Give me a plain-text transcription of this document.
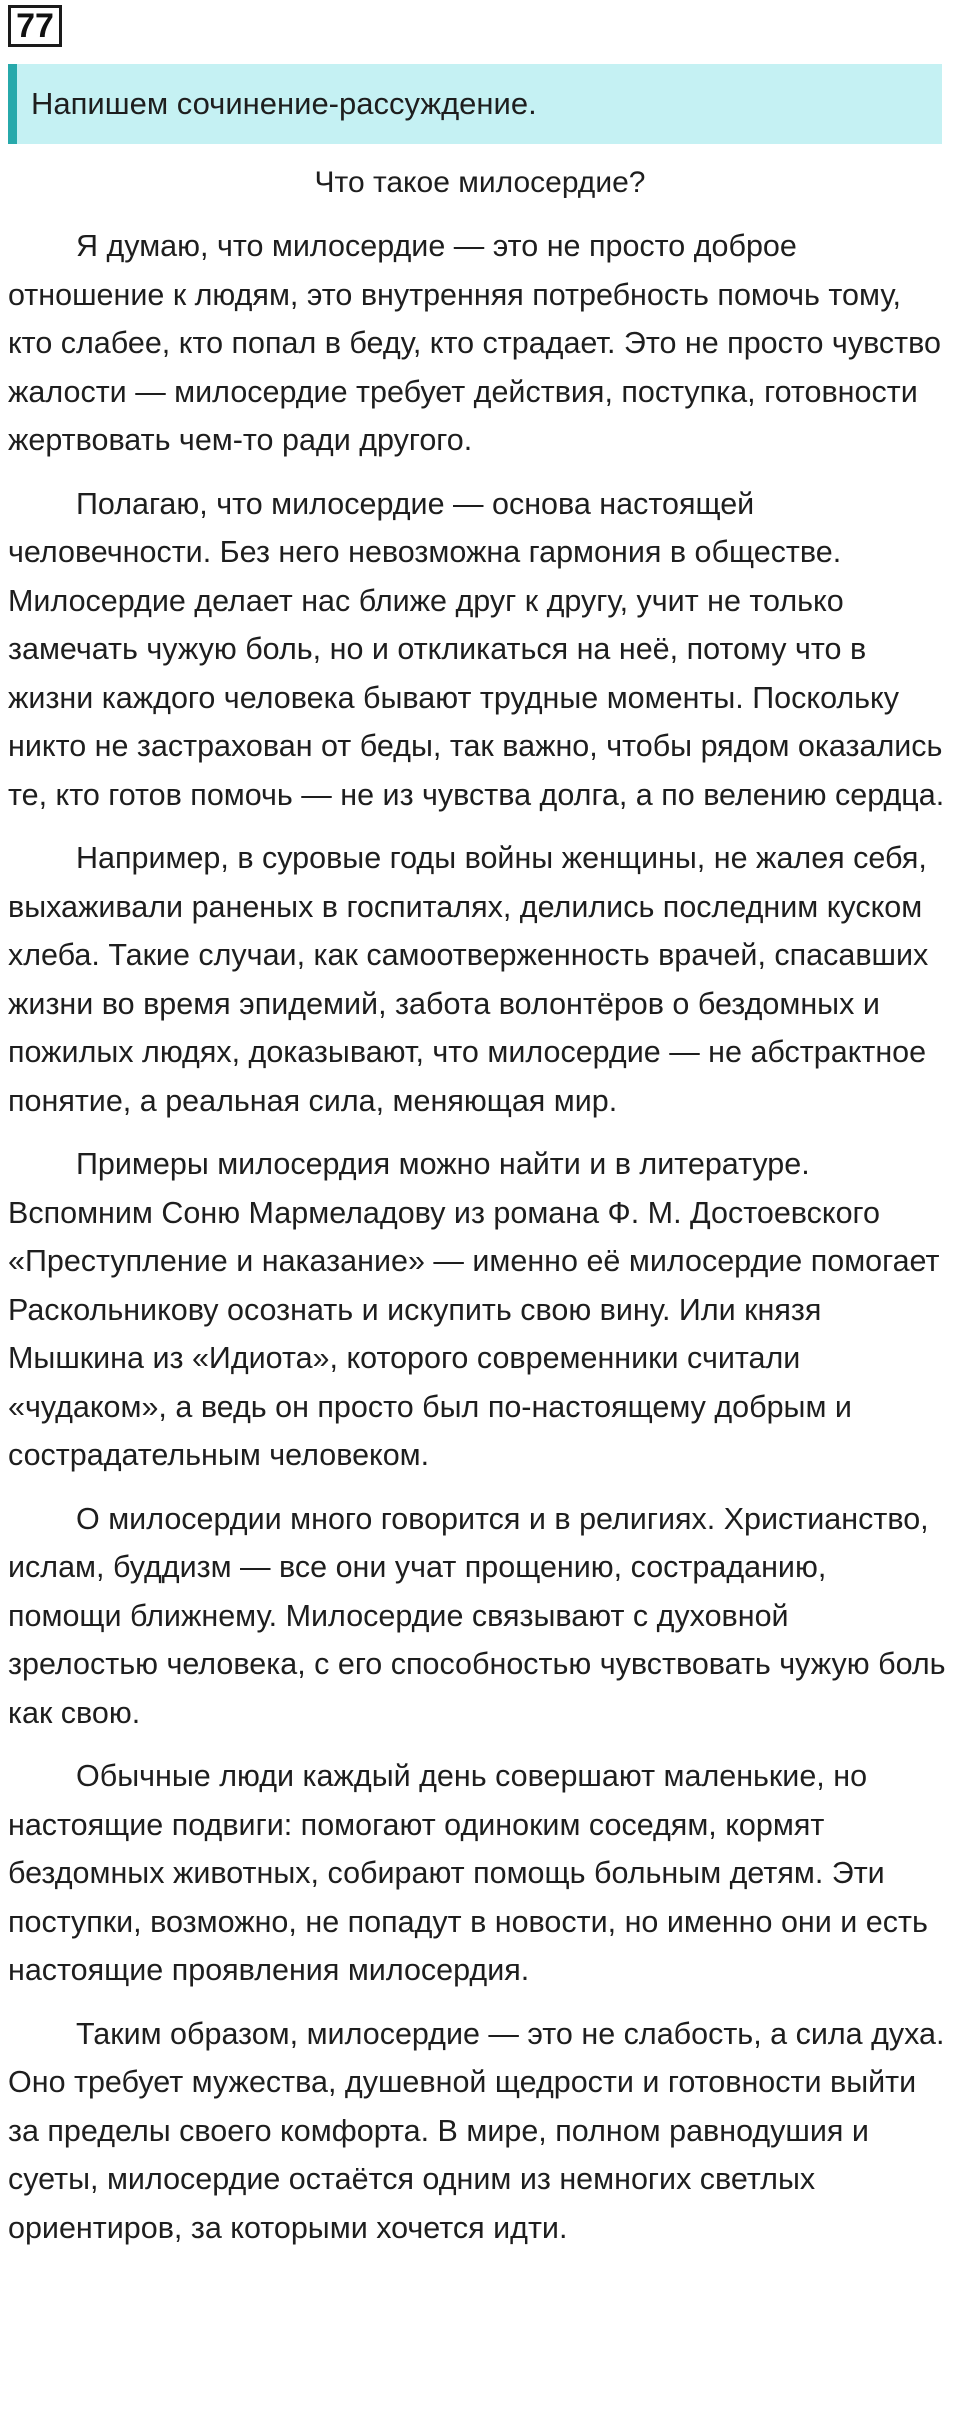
77
Напишем сочинение-рассуждение.
Что такое милосердие?

Я думаю, что милосердие — это не просто доброе отношение к людям, это внутренняя потребность помочь тому, кто слабее, кто попал в беду, кто страдает. Это не просто чувство жалости — милосердие требует действия, поступка, готовности жертвовать чем-то ради другого.

Полагаю, что милосердие — основа настоящей человечности. Без него невозможна гармония в обществе. Милосердие делает нас ближе друг к другу, учит не только замечать чужую боль, но и откликаться на неё, потому что в жизни каждого человека бывают трудные моменты. Поскольку никто не застрахован от беды, так важно, чтобы рядом оказались те, кто готов помочь — не из чувства долга, а по велению сердца.

Например, в суровые годы войны женщины, не жалея себя, выхаживали раненых в госпиталях, делились последним куском хлеба. Такие случаи, как самоотверженность врачей, спасавших жизни во время эпидемий, забота волонтёров о бездомных и пожилых людях, доказывают, что милосердие — не абстрактное понятие, а реальная сила, меняющая мир.

Примеры милосердия можно найти и в литературе. Вспомним Соню Мармеладову из романа Ф. М. Достоевского «Преступление и наказание» — именно её милосердие помогает Раскольникову осознать и искупить свою вину. Или князя Мышкина из «Идиота», которого современники считали «чудаком», а ведь он просто был по-настоящему добрым и сострадательным человеком.

О милосердии много говорится и в религиях. Христианство, ислам, буддизм — все они учат прощению, состраданию, помощи ближнему. Милосердие связывают с духовной зрелостью человека, с его способностью чувствовать чужую боль как свою.

Обычные люди каждый день совершают маленькие, но настоящие подвиги: помогают одиноким соседям, кормят бездомных животных, собирают помощь больным детям. Эти поступки, возможно, не попадут в новости, но именно они и есть настоящие проявления милосердия.

Таким образом, милосердие — это не слабость, а сила духа. Оно требует мужества, душевной щедрости и готовности выйти за пределы своего комфорта. В мире, полном равнодушия и суеты, милосердие остаётся одним из немногих светлых ориентиров, за которыми хочется идти.
